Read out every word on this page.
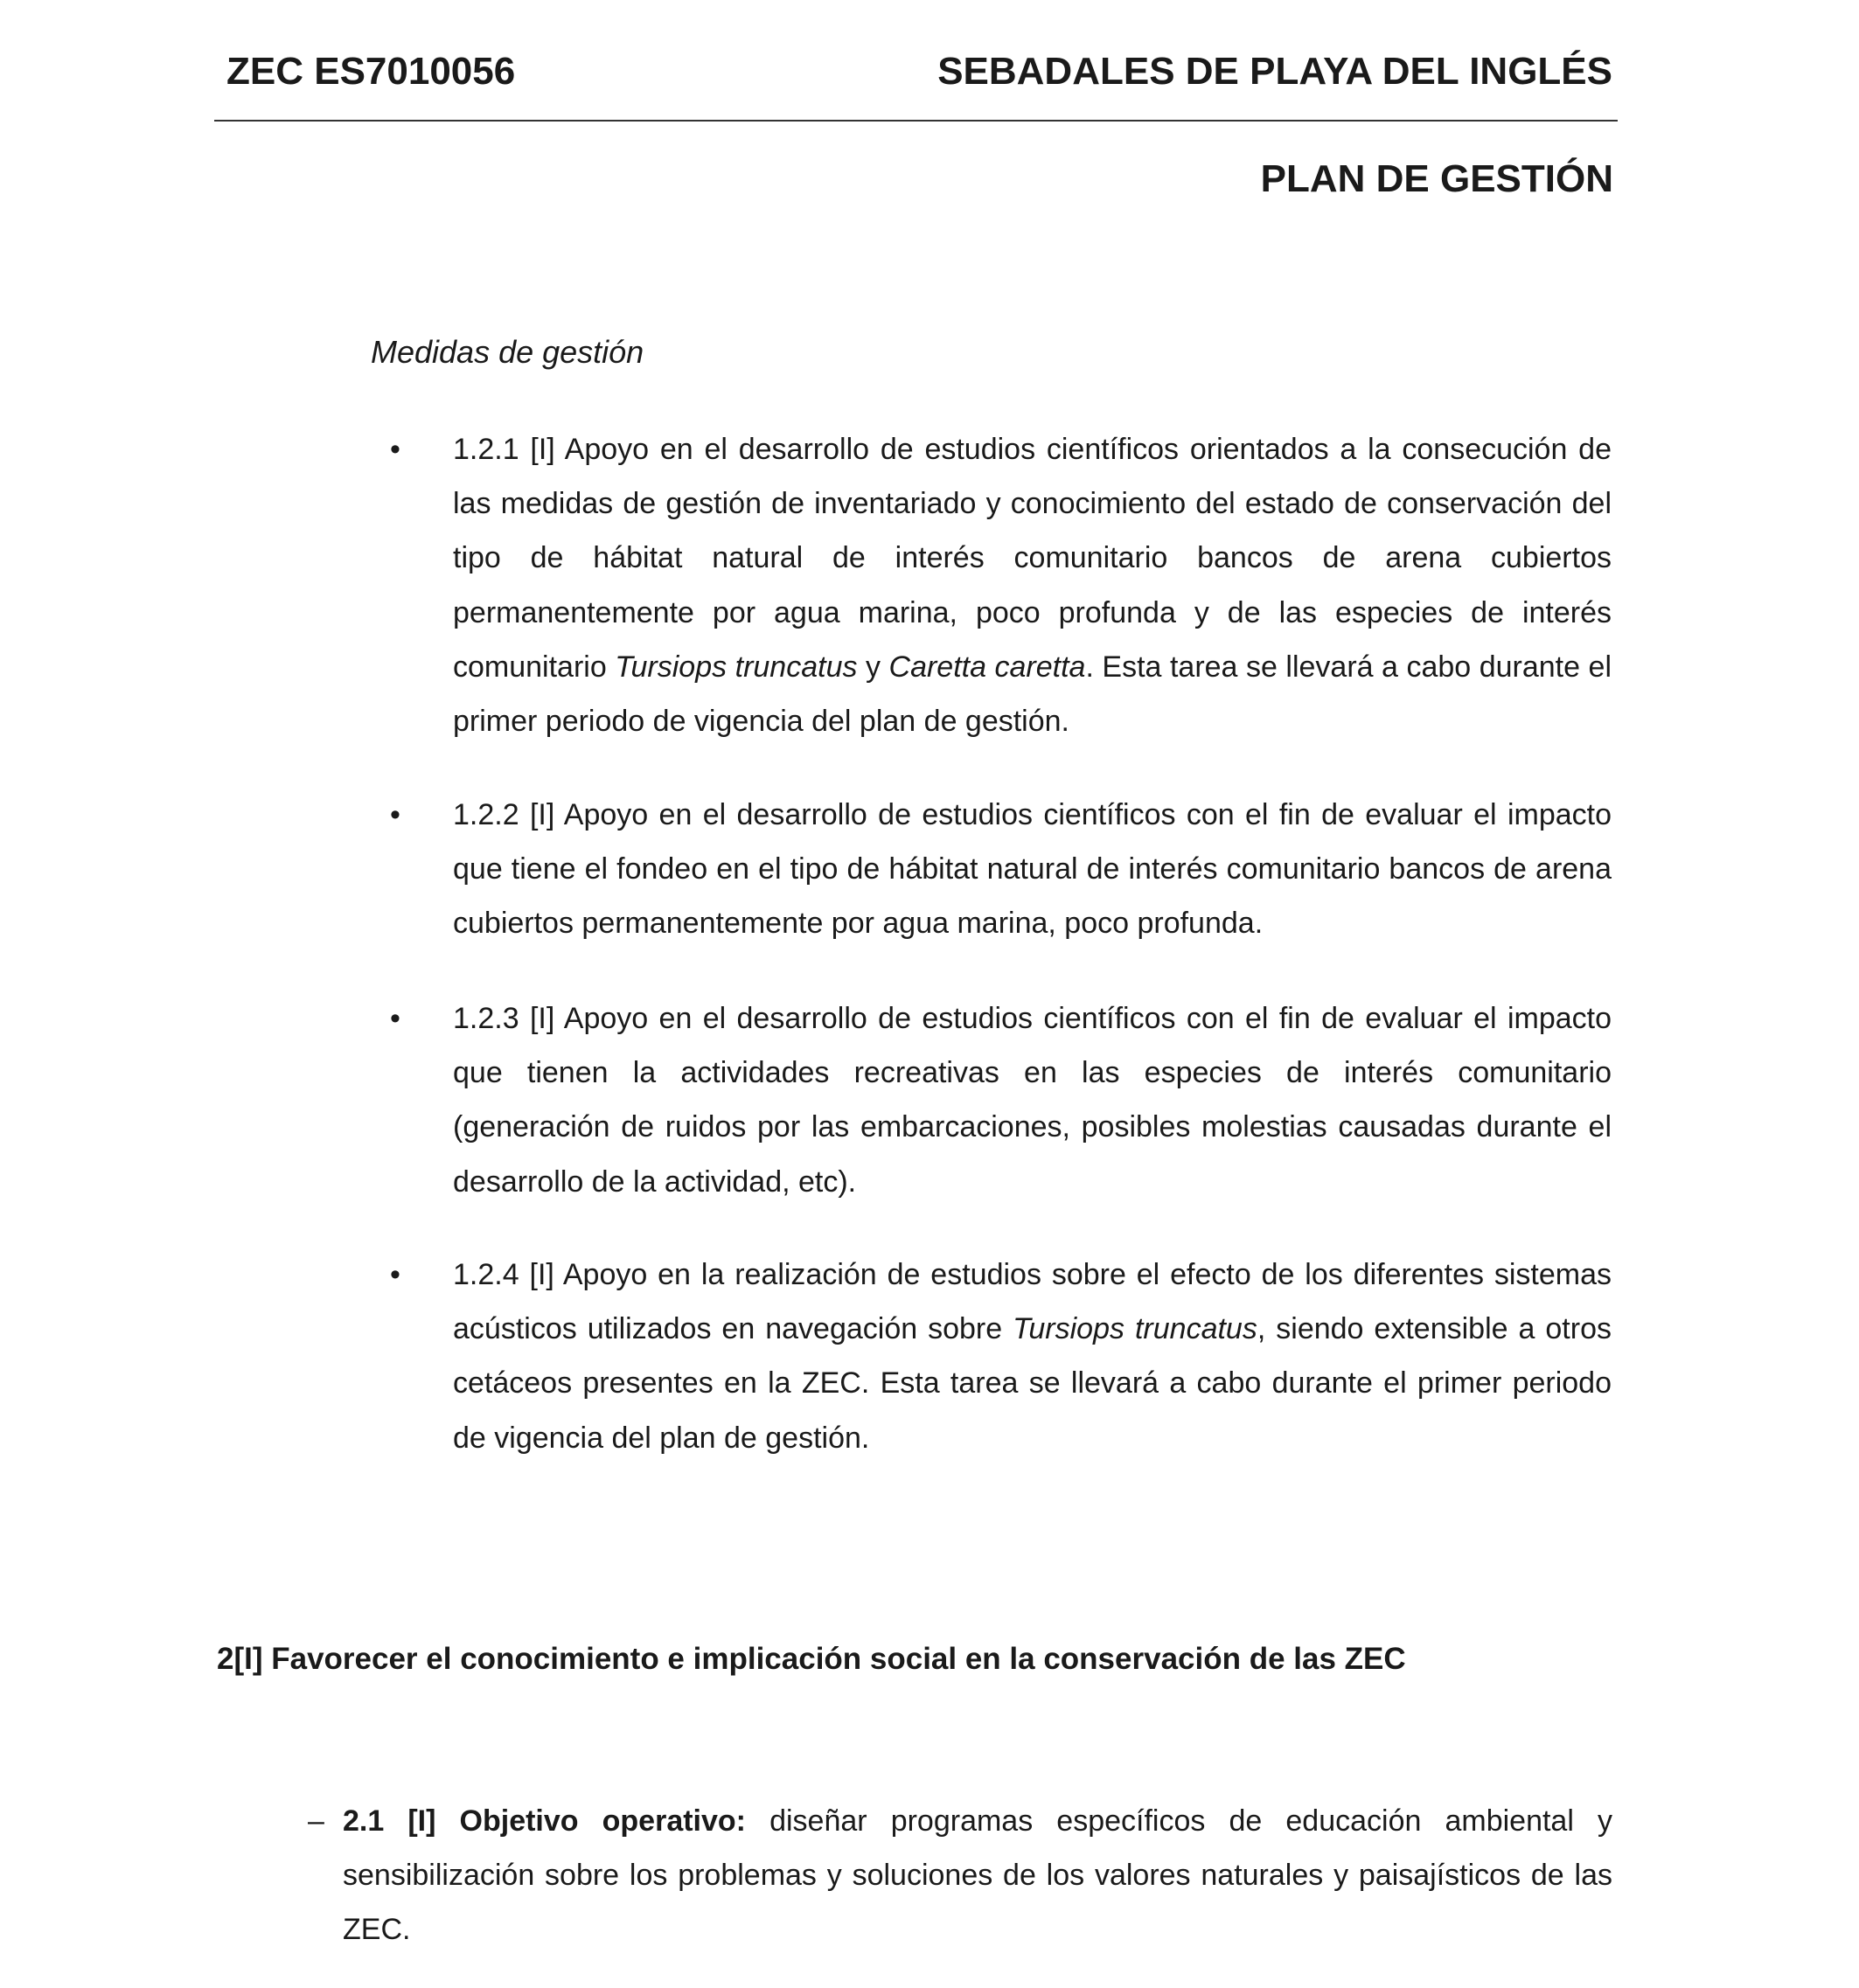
ZEC ES7010056	SEBADALES DE PLAYA DEL INGLÉS
PLAN DE GESTIÓN
Medidas de gestión
• 1.2.1 [I] Apoyo en el desarrollo de estudios científicos orientados a la consecución de las medidas de gestión de inventariado y conocimiento del estado de conservación del tipo de hábitat natural de interés comunitario bancos de arena cubiertos permanentemente por agua marina, poco profunda y de las especies de interés comunitario Tursiops truncatus y Caretta caretta. Esta tarea se llevará a cabo durante el primer periodo de vigencia del plan de gestión.

• 1.2.2 [I] Apoyo en el desarrollo de estudios científicos con el fin de evaluar el impacto que tiene el fondeo en el tipo de hábitat natural de interés comunitario bancos de arena cubiertos permanentemente por agua marina, poco profunda.

• 1.2.3 [I] Apoyo en el desarrollo de estudios científicos con el fin de evaluar el impacto que tienen la actividades recreativas en las especies de interés comunitario (generación de ruidos por las embarcaciones, posibles molestias causadas durante el desarrollo de la actividad, etc).

• 1.2.4 [I] Apoyo en la realización de estudios sobre el efecto de los diferentes sistemas acústicos utilizados en navegación sobre Tursiops truncatus, siendo extensible a otros cetáceos presentes en la ZEC. Esta tarea se llevará a cabo durante el primer periodo de vigencia del plan de gestión.

2[I] Favorecer el conocimiento e implicación social en la conservación de las ZEC
– 2.1 [I] Objetivo operativo: diseñar programas específicos de educación ambiental y sensibilización sobre los problemas y soluciones de los valores naturales y paisajísticos de las ZEC.
